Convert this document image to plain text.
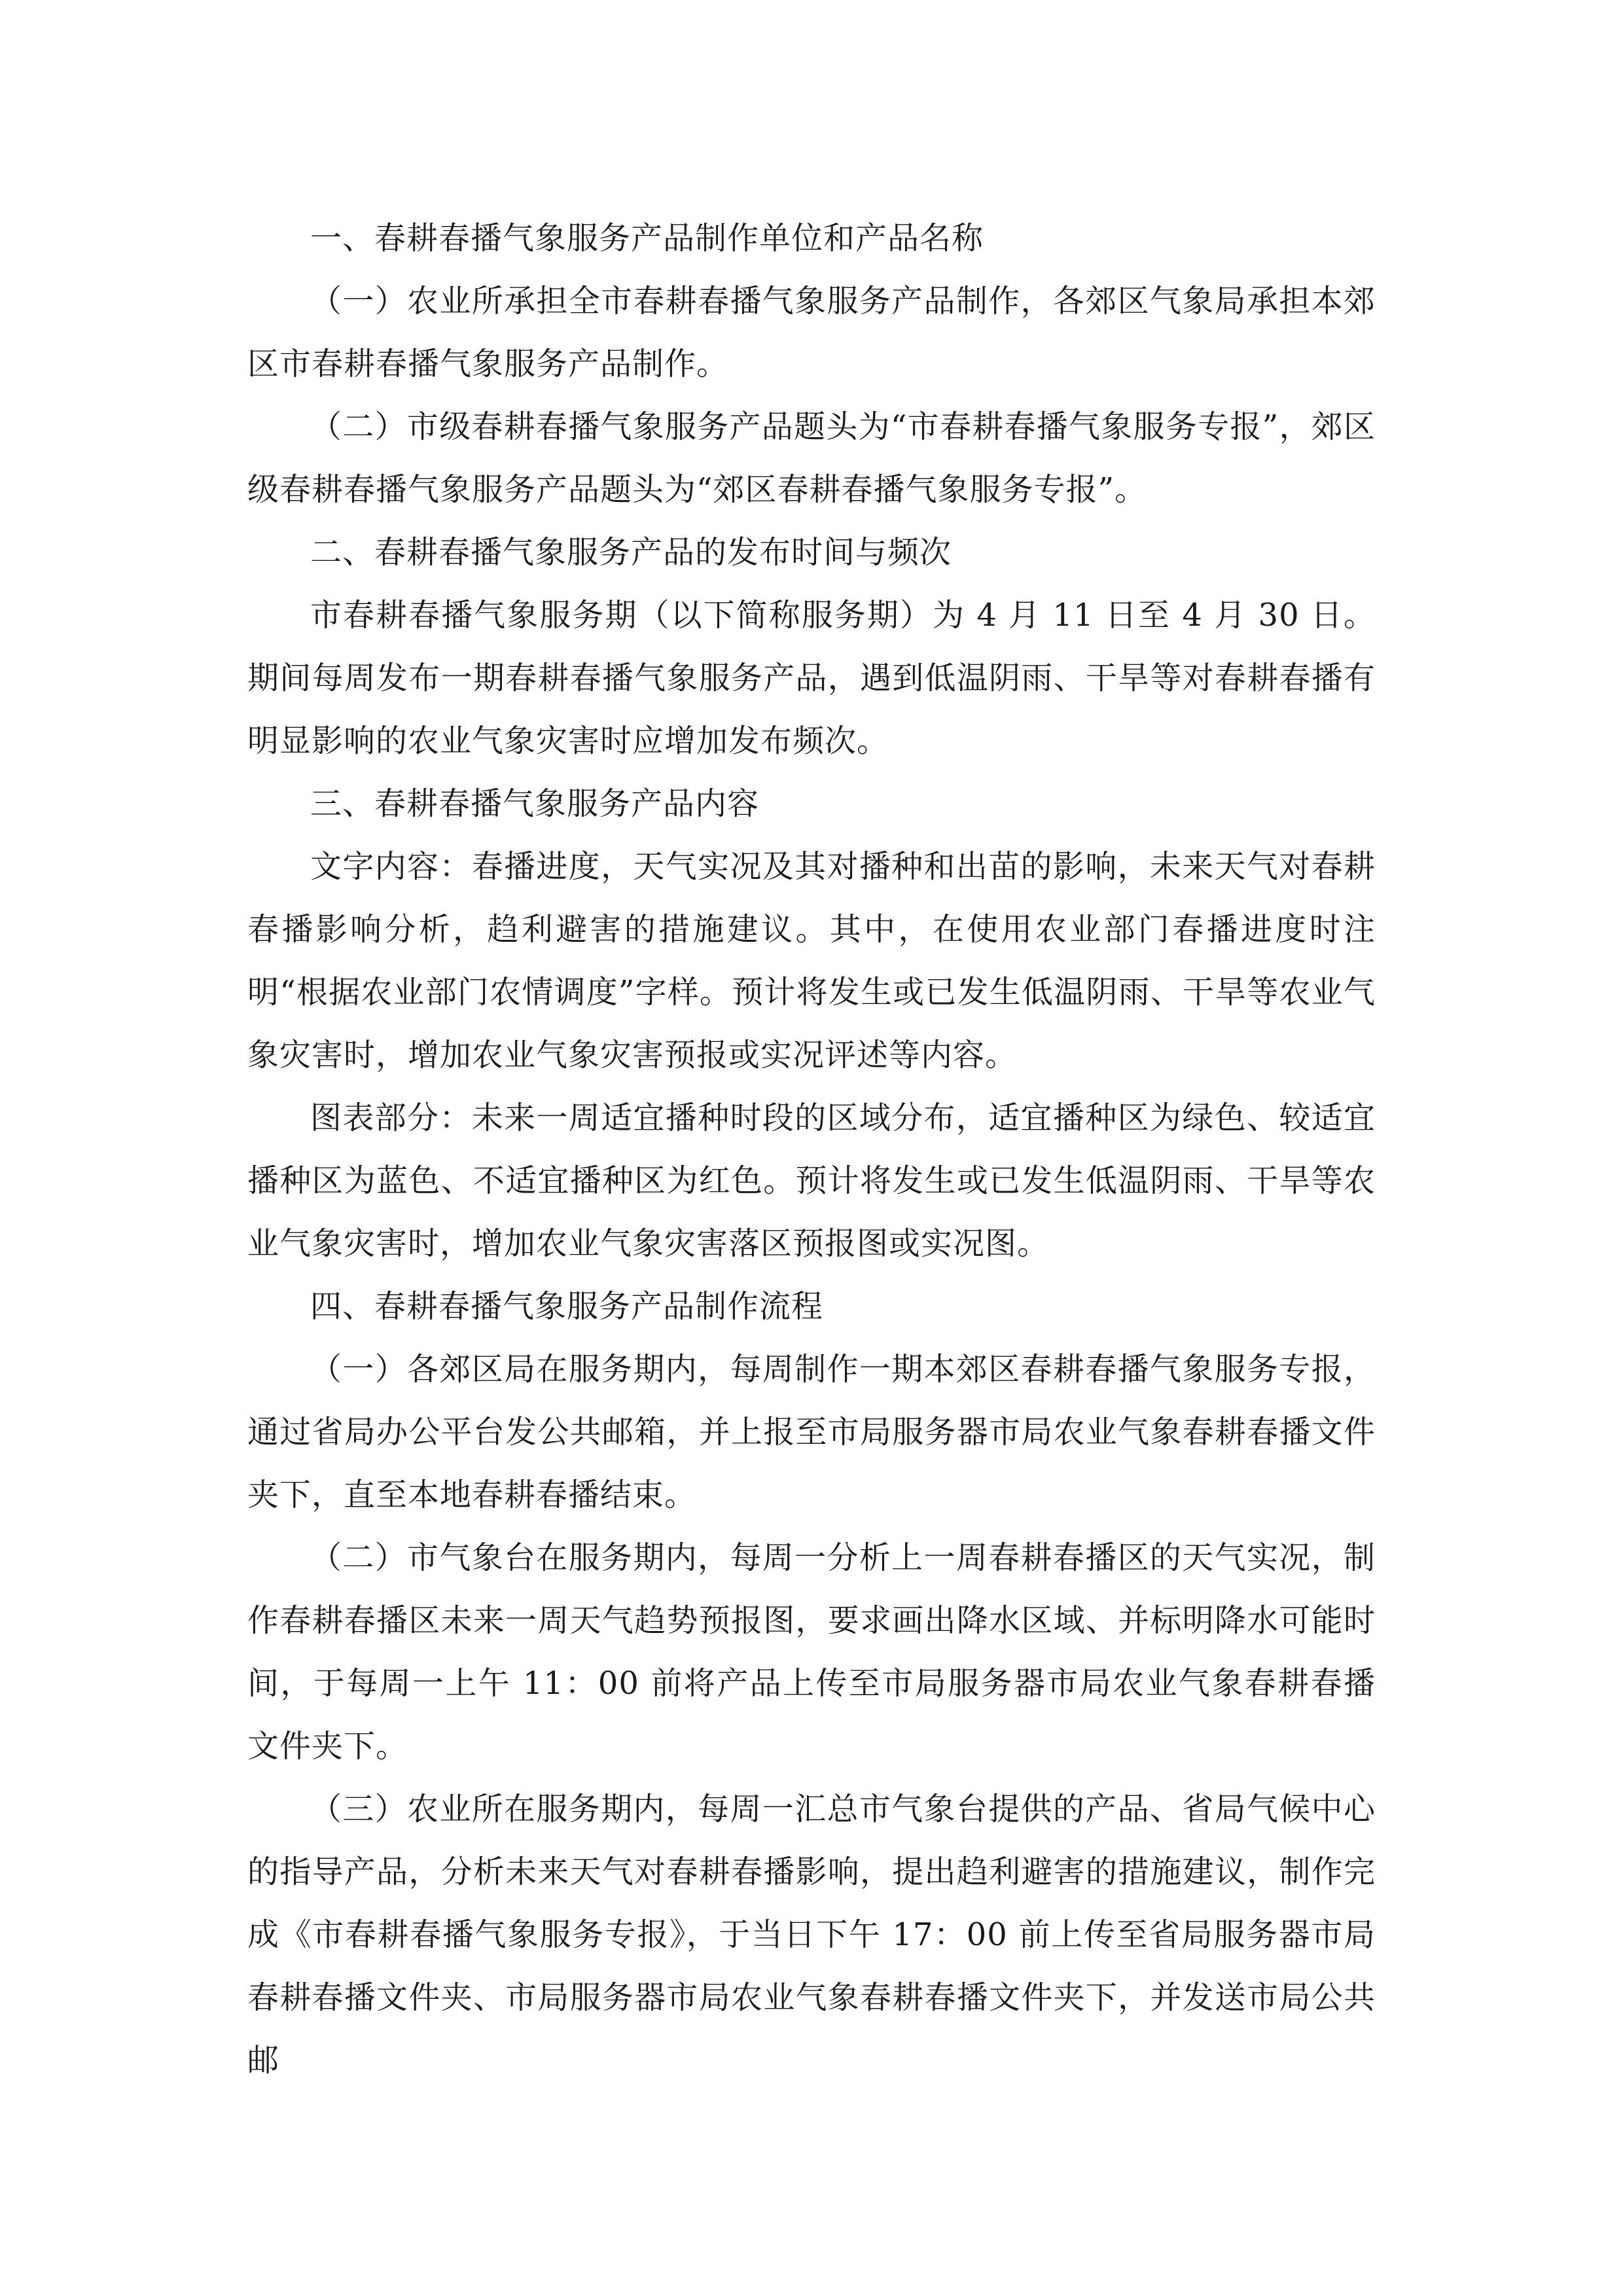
一、春耕春播气象服务产品制作单位和产品名称

（一）农业所承担全市春耕春播气象服务产品制作，各郊区气象局承担本郊区市春耕春播气象服务产品制作。

（二）市级春耕春播气象服务产品题头为“市春耕春播气象服务专报”，郊区级春耕春播气象服务产品题头为“郊区春耕春播气象服务专报”。

二、春耕春播气象服务产品的发布时间与频次

市春耕春播气象服务期（以下简称服务期）为 4 月 11 日至 4 月 30 日。期间每周发布一期春耕春播气象服务产品，遇到低温阴雨、干旱等对春耕春播有明显影响的农业气象灾害时应增加发布频次。

三、春耕春播气象服务产品内容

文字内容：春播进度，天气实况及其对播种和出苗的影响，未来天气对春耕春播影响分析，趋利避害的措施建议。其中，在使用农业部门春播进度时注明“根据农业部门农情调度”字样。预计将发生或已发生低温阴雨、干旱等农业气象灾害时，增加农业气象灾害预报或实况评述等内容。

图表部分：未来一周适宜播种时段的区域分布，适宜播种区为绿色、较适宜播种区为蓝色、不适宜播种区为红色。预计将发生或已发生低温阴雨、干旱等农业气象灾害时，增加农业气象灾害落区预报图或实况图。

四、春耕春播气象服务产品制作流程

（一）各郊区局在服务期内，每周制作一期本郊区春耕春播气象服务专报，通过省局办公平台发公共邮箱，并上报至市局服务器市局农业气象春耕春播文件夹下，直至本地春耕春播结束。

（二）市气象台在服务期内，每周一分析上一周春耕春播区的天气实况，制作春耕春播区未来一周天气趋势预报图，要求画出降水区域、并标明降水可能时间，于每周一上午 11：00 前将产品上传至市局服务器市局农业气象春耕春播文件夹下。

（三）农业所在服务期内，每周一汇总市气象台提供的产品、省局气候中心的指导产品，分析未来天气对春耕春播影响，提出趋利避害的措施建议，制作完成《市春耕春播气象服务专报》，于当日下午 17：00 前上传至省局服务器市局春耕春播文件夹、市局服务器市局农业气象春耕春播文件夹下，并发送市局公共邮
